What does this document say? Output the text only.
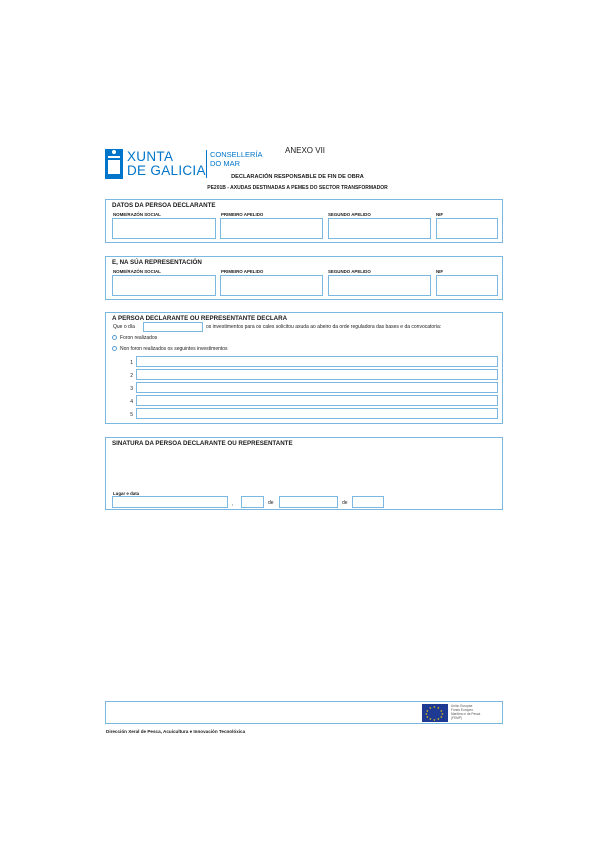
XUNTA
DE GALICIA
CONSELLERÍA
DO MAR
ANEXO VII
DECLARACIÓN RESPONSABLE DE FIN DE OBRA
PE201B - AXUDAS DESTINADAS A PEMES DO SECTOR TRANSFORMADOR
DATOS DA PERSOA DECLARANTE
NOME/RAZÓN SOCIAL	PRIMEIRO APELIDO	SEGUNDO APELIDO	NIF
E, NA SÚA REPRESENTACIÓN
NOME/RAZÓN SOCIAL	PRIMEIRO APELIDO	SEGUNDO APELIDO	NIF
A PERSOA DECLARANTE OU REPRESENTANTE DECLARA
Que o día	os investimentos para os cales solicitou axuda ao abeiro da orde reguladora das bases e da convocatoria:
Foron realizados
Non foron realizados os seguintes investimentos
1
2
3
4
5
SINATURA DA PERSOA DECLARANTE OU REPRESENTANTE
Lugar e data
,	de	de
★ ★
★
★
★
★
★
★
★
★
★
★	Unión Europea
Fondo Europeo
Marítimo e de Pesca
(FEMP)
Dirección Xeral de Pesca, Acuicultura e Innovación Tecnolóxica
